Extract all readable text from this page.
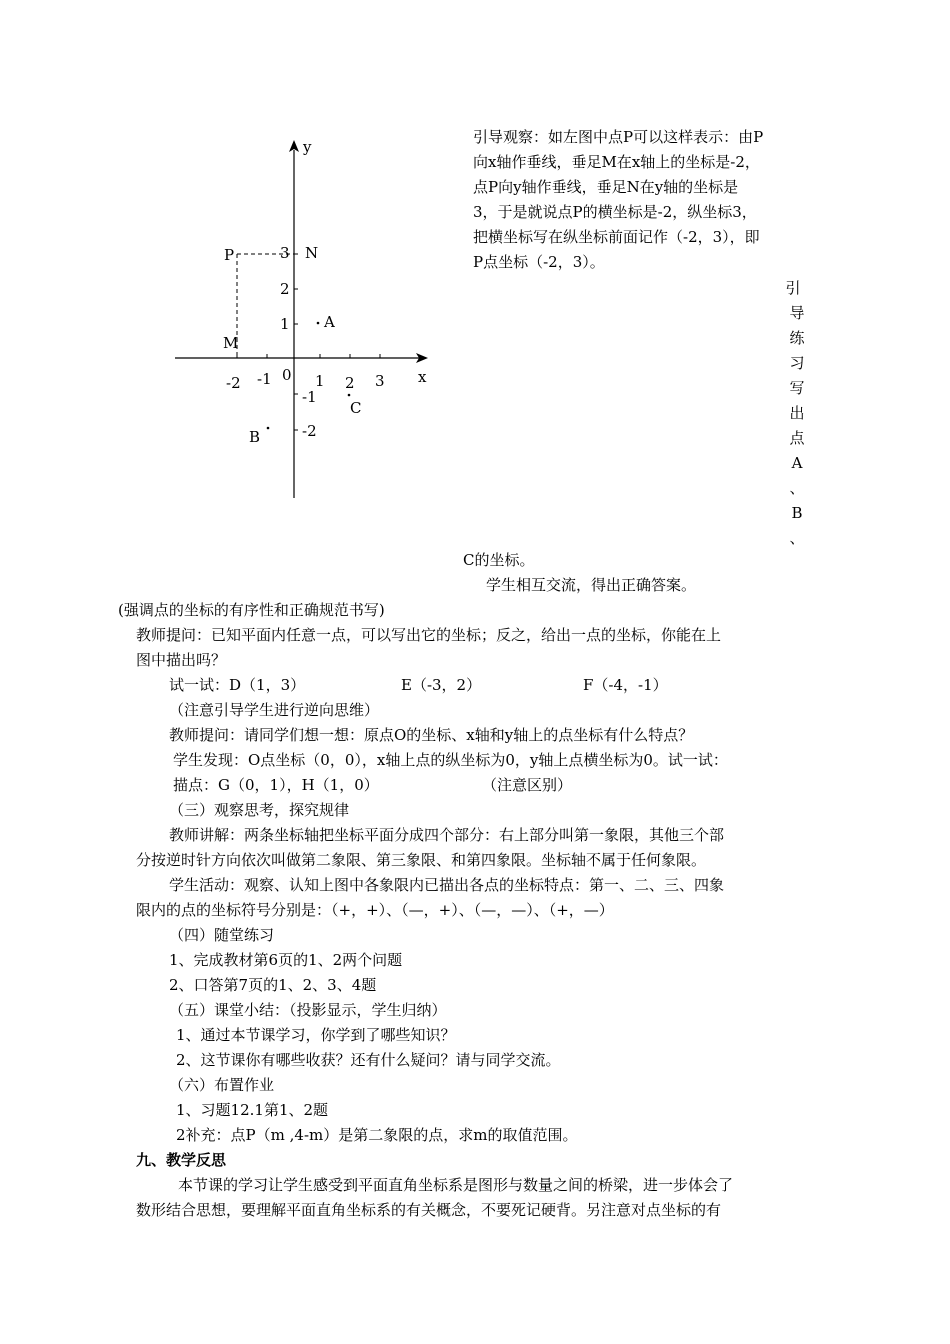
y
x
0
-2 -1	1 2 3
3
2
1
-1
-2
P	N
M
A
B
C
引导观察：如左图中点P可以这样表示：由P
向x轴作垂线，垂足M在x轴上的坐标是-2，
点P向y轴作垂线，垂足N在y轴的坐标是
3，于是就说点P的横坐标是-2，纵坐标3，
把横坐标写在纵坐标前面记作（-2，3），即
P点坐标（-2，3）。
引
导
练
习
写
出
点
A
、
B
、
C的坐标。
学生相互交流，得出正确答案。
(强调点的坐标的有序性和正确规范书写)
教师提问：已知平面内任意一点，可以写出它的坐标；反之，给出一点的坐标，你能在上
图中描出吗？
试一试：D（1，3）	E（-3，2）	F（-4，-1）
（注意引导学生进行逆向思维）
教师提问：请同学们想一想：原点O的坐标、x轴和y轴上的点坐标有什么特点？
学生发现：O点坐标（0，0），x轴上点的纵坐标为0，y轴上点横坐标为0。试一试：
描点：G（0，1），H（1，0）	（注意区别）
（三）观察思考，探究规律
教师讲解：两条坐标轴把坐标平面分成四个部分：右上部分叫第一象限，其他三个部
分按逆时针方向依次叫做第二象限、第三象限、和第四象限。坐标轴不属于任何象限。
学生活动：观察、认知上图中各象限内已描出各点的坐标特点：第一、二、三、四象
限内的点的坐标符号分别是：（+，+）、（—，+）、（—，—）、（+，—）
（四）随堂练习
1、完成教材第6页的1、2两个问题
2、口答第7页的1、2、3、4题
（五）课堂小结：（投影显示，学生归纳）
1、通过本节课学习，你学到了哪些知识？
2、这节课你有哪些收获？还有什么疑问？请与同学交流。
（六）布置作业
1、习题12.1第1、2题
2补充：点P（m ,4-m）是第二象限的点，求m的取值范围。
九、教学反思
本节课的学习让学生感受到平面直角坐标系是图形与数量之间的桥梁，进一步体会了
数形结合思想，要理解平面直角坐标系的有关概念，不要死记硬背。另注意对点坐标的有
